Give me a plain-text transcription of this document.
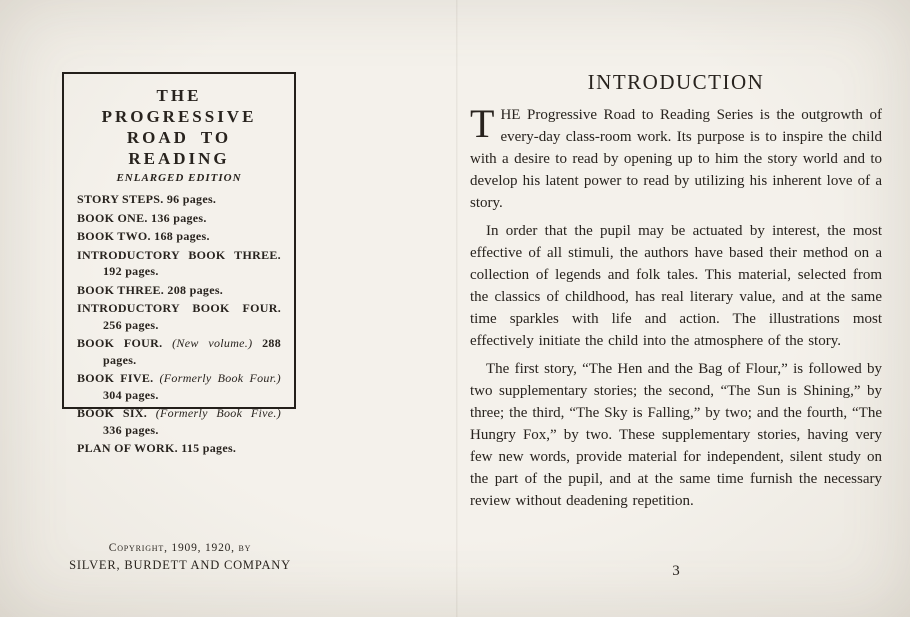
THE PROGRESSIVE
ROAD TO READING
ENLARGED EDITION

STORY STEPS. 96 pages.

BOOK ONE. 136 pages.

BOOK TWO. 168 pages.

INTRODUCTORY BOOK THREE. 192 pages.

BOOK THREE. 208 pages.

INTRODUCTORY BOOK FOUR. 256 pages.

BOOK FOUR. (New volume.) 288 pages.

BOOK FIVE. (Formerly Book Four.) 304 pages.

BOOK SIX. (Formerly Book Five.) 336 pages.

PLAN OF WORK. 115 pages.

Copyright, 1909, 1920, by
SILVER, BURDETT AND COMPANY
INTRODUCTION

THE Progressive Road to Reading Series is the outgrowth of every-day class-room work. Its purpose is to inspire the child with a desire to read by opening up to him the story world and to develop his latent power to read by utilizing his inherent love of a story.

In order that the pupil may be actuated by interest, the most effective of all stimuli, the authors have based their method on a collection of legends and folk tales. This material, selected from the classics of childhood, has real literary value, and at the same time sparkles with life and action. The illustrations most effectively initiate the child into the atmosphere of the story.

The first story, “The Hen and the Bag of Flour,” is followed by two supplementary stories; the second, “The Sun is Shining,” by three; the third, “The Sky is Falling,” by two; and the fourth, “The Hungry Fox,” by two. These supplementary stories, having very few new words, provide material for independent, silent study on the part of the pupil, and at the same time furnish the necessary review without deadening repetition.

3
